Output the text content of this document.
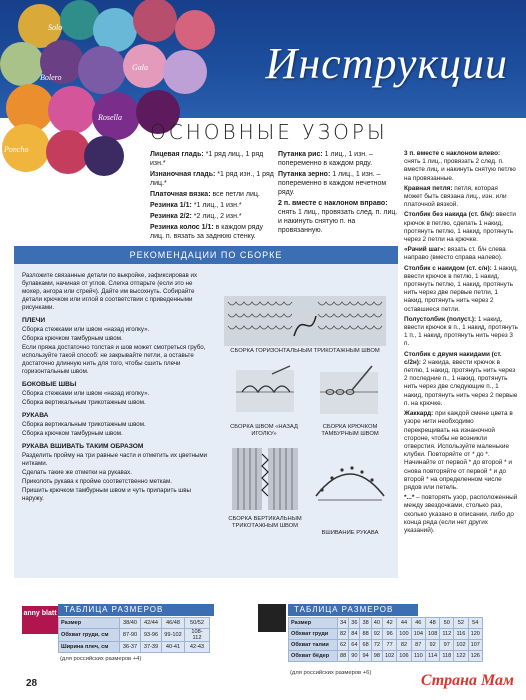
Инструкции
Bolero
Gala
Solo
Rosella
Poncho
ОСНОВНЫЕ УЗОРЫ

Лицевая гладь: *1 ряд лиц., 1 ряд изн.*

Изнаночная гладь: *1 ряд изн., 1 ряд лиц.*

Платочная вязка: все петли лиц.

Резинка 1/1: *1 лиц., 1 изн.*

Резинка 2/2: *2 лиц., 2 изн.*

Резинка колос 1/1: в каждом ряду лиц. п. вязать за заднюю стенку.

Путанка рис: 1 лиц., 1 изн. – попеременно в каждом ряду.

Путанка зерно: 1 лиц., 1 изн. – попеременно в каждом нечетном ряду.

2 п. вместе с наклоном вправо: снять 1 лиц., провязать след. п. лиц. и накинуть снятую п. на провязанную.

3 п. вместе с наклоном влево: снять 1 лиц., провязать 2 след. п. вместе лиц. и накинуть снятую петлю на провязанные.

Кравная петля: петля, которая может быть связана лиц., изн. или платочной вязкой.

Столбик без накида (ст. б/н): ввести крючок в петлю, сделать 1 накид, протянуть петлю, 1 накид, протянуть через 2 петли на крючке.

«Рачий шаг»: вязать ст. б/н слева направо (вместо справа налево).

Столбик с накидом (ст. с/н): 1 накид, ввести крючок в петлю, 1 накид, протянуть петлю, 1 накид, протянуть нить через две первые петли, 1 накид, протянуть нить через 2 оставшиеся петли.

Полустолбик (полуст.): 1 накид, ввести крючок в п., 1 накид, протянуть 1 п., 1 накид, протянуть нить через 3 п.

Столбик с двумя накидами (ст. с/2н): 2 накида, ввести крючок в петлю, 1 накид, протянуть нить через 2 последние п., 1 накид, протянуть нить через две следующие п., 1 накид, протянуть нить через 2 первые п. на крючке.

Жаккард: при каждой смене цвета в узоре нити необходимо перекрещивать на изнаночной стороне, чтобы не возникли отверстия. Используйте маленькие клубки. Повторяйте от * до *. Начинайте от первой * до второй * и снова повторяйте от первой * и до второй * на определенном числе рядов или петель.

*...* – повторять узор, расположенный между звездочками, столько раз, сколько указано в описании, либо до конца ряда (если нет других указаний).

РЕКОМЕНДАЦИИ ПО СБОРКЕ

Разложите связанные детали по выкройке, зафиксировав их булавками, начиная от углов. Слегка отпарьте (если это не мохер, ангора или стрейч). Дайте им высохнуть. Собирайте детали крючком или иглой в соответствии с приведенными рисунками.

ПЛЕЧИ

Сборка стежками или швом «назад иголку».

Сборка крючком тамбурным швом.

Если пряжа достаточно толстая и шов может смотреться грубо, используйте такой способ: не закрывайте петли, а оставьте достаточно длинную нить для того, чтобы сшить плечи горизонтальным швом.

БОКОВЫЕ ШВЫ

Сборка стежками или швом «назад иголку».

Сборка вертикальным трикотажным швом.

РУКАВА

Сборка вертикальным трикотажным швом.

Сборка крючком тамбурным швом.

РУКАВА ВШИВАТЬ ТАКИМ ОБРАЗОМ

Разделить пройму на три равные части и отметить их цветными нитками.

Сделать такие же отметки на рукавах.

Приколоть рукава к пройме соответственно меткам.

Пришить крючком тамбурным швом и чуть припарить швы наружу.

СБОРКА ГОРИЗОНТАЛЬНЫМ ТРИКОТАЖНЫМ ШВОМ
СБОРКА ШВОМ «НАЗАД ИГОЛКУ»
СБОРКА КРЮЧКОМ ТАМБУРНЫМ ШВОМ
СБОРКА ВЕРТИКАЛЬНЫМ ТРИКОТАЖНЫМ ШВОМ
ВШИВАНИЕ РУКАВА
anny blatt ТАБЛИЦА РАЗМЕРОВ
Размер	38/40	42/44	46/48	50/52
Обхват груди, см	87-90	93-96	99-102	108-112
Ширина плеч, см	36-37	37-39	40-41	42-43
(для российских размеров +4)
ТАБЛИЦА РАЗМЕРОВ
Размер	34	36	38	40	42	44	46	48	50	52	54
Обхват груди	82	84	88	92	96	100	104	108	112	116	120
Обхват талии	62	64	68	72	77	82	87	92	97	102	107
Обхват бёдер	88	90	94	98	102	106	110	114	118	122	126
(для российских размеров +6)
28	Страна Мам
